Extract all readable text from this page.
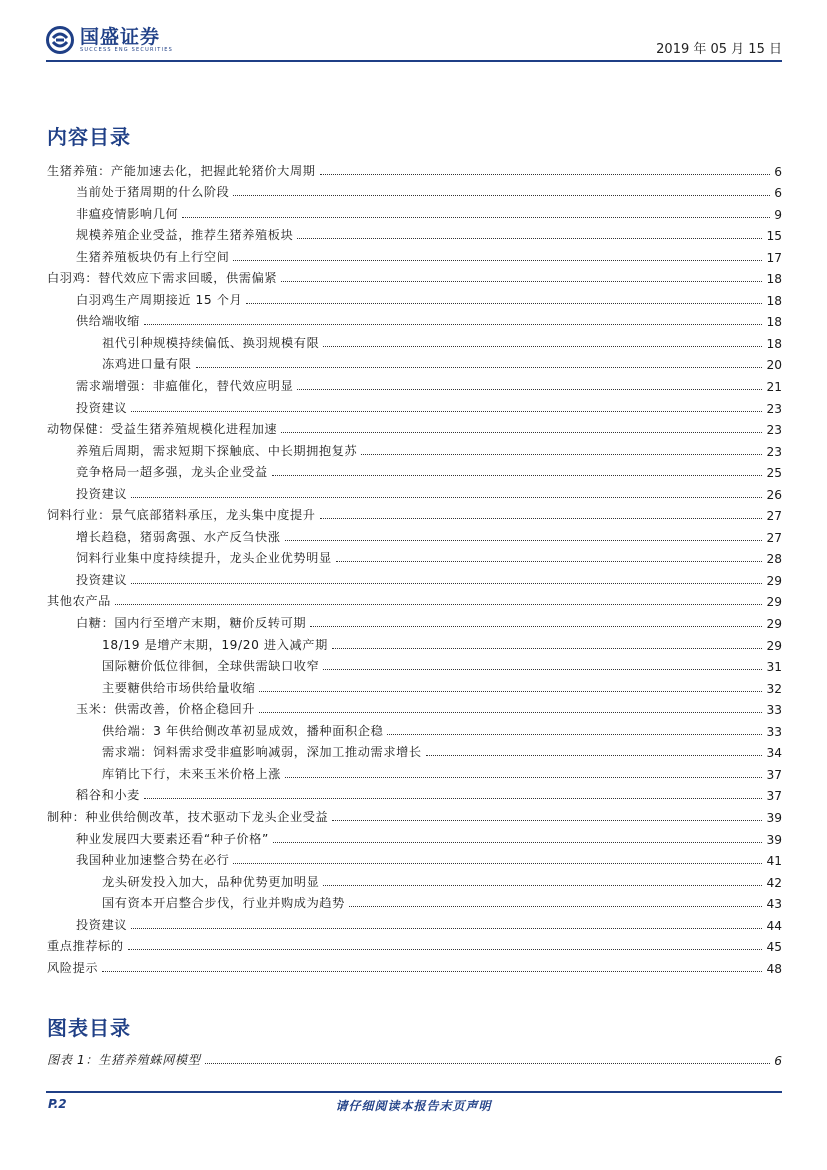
国盛证券
SUCCESS ENG SECURITIES	2019 年 05 月 15 日
内容目录
生猪养殖：产能加速去化，把握此轮猪价大周期	6
当前处于猪周期的什么阶段	6
非瘟疫情影响几何	9
规模养殖企业受益，推荐生猪养殖板块	15
生猪养殖板块仍有上行空间	17
白羽鸡：替代效应下需求回暖，供需偏紧	18
白羽鸡生产周期接近 15 个月	18
供给端收缩	18
祖代引种规模持续偏低、换羽规模有限	18
冻鸡进口量有限	20
需求端增强：非瘟催化，替代效应明显	21
投资建议	23
动物保健：受益生猪养殖规模化进程加速	23
养殖后周期，需求短期下探触底、中长期拥抱复苏	23
竞争格局一超多强，龙头企业受益	25
投资建议	26
饲料行业：景气底部猪料承压，龙头集中度提升	27
增长趋稳，猪弱禽强、水产反刍快涨	27
饲料行业集中度持续提升，龙头企业优势明显	28
投资建议	29
其他农产品	29
白糖：国内行至增产末期，糖价反转可期	29
18/19 是增产末期，19/20 进入减产期	29
国际糖价低位徘徊，全球供需缺口收窄	31
主要糖供给市场供给量收缩	32
玉米：供需改善，价格企稳回升	33
供给端：3 年供给侧改革初显成效，播种面积企稳	33
需求端：饲料需求受非瘟影响减弱，深加工推动需求增长	34
库销比下行，未来玉米价格上涨	37
稻谷和小麦	37
制种：种业供给侧改革，技术驱动下龙头企业受益	39
种业发展四大要素还看“种子价格”	39
我国种业加速整合势在必行	41
龙头研发投入加大，品种优势更加明显	42
国有资本开启整合步伐，行业并购成为趋势	43
投资建议	44
重点推荐标的	45
风险提示	48
图表目录
图表 1：生猪养殖蛛网模型	6
请仔细阅读本报告末页声明
P.2
